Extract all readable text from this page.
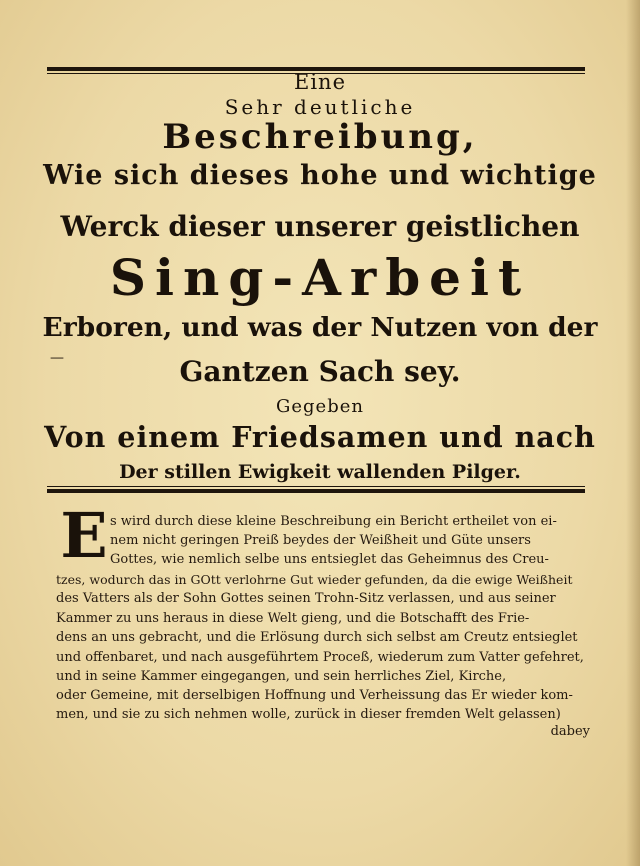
Eine
Sehr deutliche
Beschreibung,
Wie sich dieses hohe und wichtige
Werck dieser unserer geistlichen
Sing-Arbeit
Erboren, und was der Nutzen von der
—	Gantzen Sach sey.
Gegeben
Von einem Friedsamen und nach
Der stillen Ewigkeit wallenden Pilger.
E s wird durch diese kleine Beschreibung ein Bericht ertheilet von ei-
nem nicht geringen Preiß beydes der Weißheit und Güte unsers
Gottes, wie nemlich selbe uns entsieglet das Geheimnus des Creu-
tzes, wodurch das in GOtt verlohrne Gut wieder gefunden, da die ewige Weißheit
des Vatters als der Sohn Gottes seinen Trohn-Sitz verlassen, und aus seiner
Kammer zu uns heraus in diese Welt gieng, und die Botschafft des Frie-
dens an uns gebracht, und die Erlösung durch sich selbst am Creutz entsieglet
und offenbaret, und nach ausgeführtem Proceß, wiederum zum Vatter gefehret,
und in seine Kammer eingegangen, und sein herrliches Ziel, Kirche,
oder Gemeine, mit derselbigen Hoffnung und Verheissung das Er wieder kom-
men, und sie zu sich nehmen wolle, zurück in dieser fremden Welt gelassen)
dabey
